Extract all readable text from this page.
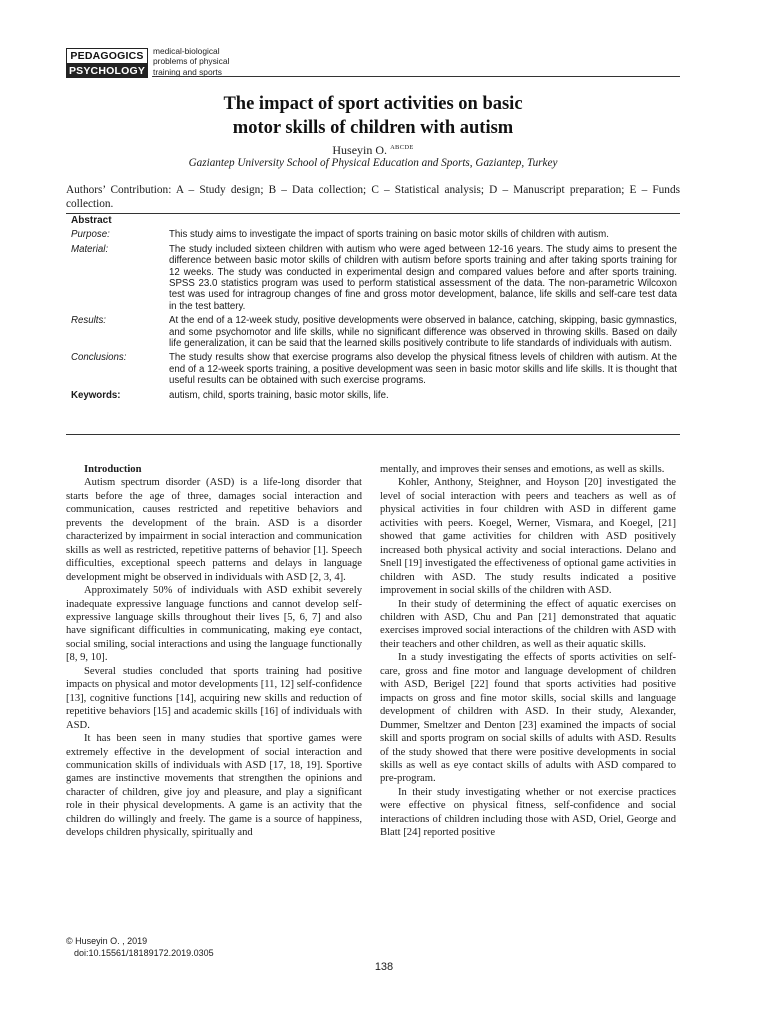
PEDAGOGICS
PSYCHOLOGY
medical-biological
problems of physical
training and sports
The impact of sport activities on basic
motor skills of children with autism
Huseyin O. $^{ABCDE}$
Gaziantep University School of Physical Education and Sports, Gaziantep, Turkey
Authors’ Contribution: A – Study design; B – Data collection; C – Statistical analysis; D – Manuscript preparation; E – Funds collection.
Abstract
Purpose:	This study aims to investigate the impact of sports training on basic motor skills of children with autism.
Material:	The study included sixteen children with autism who were aged between 12-16 years. The study aims to present the difference between basic motor skills of children with autism before sports training and after taking sports training for 12 weeks. The study was conducted in experimental design and compared values before and after sports training. SPSS 23.0 statistics program was used to perform statistical assessment of the data. The non-parametric Wilcoxon test was used for intragroup changes of fine and gross motor development, balance, life skills and self-care test data in the test battery.
Results:	At the end of a 12-week study, positive developments were observed in balance, catching, skipping, basic gymnastics, and some psychomotor and life skills, while no significant difference was observed in throwing skills. Based on daily life generalization, it can be said that the learned skills positively contribute to life standards of individuals with autism.
Conclusions:	The study results show that exercise programs also develop the physical fitness levels of children with autism. At the end of a 12-week sports training, a positive development was seen in basic motor skills and life skills. It is thought that useful results can be obtained with such exercise programs.
Keywords:	autism, child, sports training, basic motor skills, life.

Introduction

Autism spectrum disorder (ASD) is a life-long disorder that starts before the age of three, damages social interaction and communication, causes restricted and repetitive behaviors and prevents the development of the brain. ASD is a disorder characterized by impairment in social interaction and communication skills as well as restricted, repetitive patterns of behavior [1]. Speech difficulties, exceptional speech patterns and delays in language development might be observed in individuals with ASD [2, 3, 4].

Approximately 50% of individuals with ASD exhibit severely inadequate expressive language functions and cannot develop self-expressive language skills throughout their lives [5, 6, 7] and also have significant difficulties in communicating, making eye contact, social smiling, social interactions and using the language functionally [8, 9, 10].

Several studies concluded that sports training had positive impacts on physical and motor developments [11, 12] self-confidence [13], cognitive functions [14], acquiring new skills and reduction of repetitive behaviors [15] and academic skills [16] of individuals with ASD.

It has been seen in many studies that sportive games were extremely effective in the development of social interaction and communication skills of individuals with ASD [17, 18, 19]. Sportive games are instinctive movements that strengthen the opinions and character of children, give joy and pleasure, and play a significant role in their physical developments. A game is an activity that the children do willingly and freely. The game is a source of happiness, develops children physically, spiritually and

mentally, and improves their senses and emotions, as well as skills.

Kohler, Anthony, Steighner, and Hoyson [20] investigated the level of social interaction with peers and teachers as well as of physical activities in four children with ASD in different game activities with peers. Koegel, Werner, Vismara, and Koegel, [21] showed that game activities for children with ASD positively increased both physical activity and social interactions. Delano and Snell [19] investigated the effectiveness of optional game activities in children with ASD. The study results indicated a positive improvement in social skills of the children with ASD.

In their study of determining the effect of aquatic exercises on children with ASD, Chu and Pan [21] demonstrated that aquatic exercises improved social interactions of the children with ASD with their teachers and other children, as well as their aquatic skills.

In a study investigating the effects of sports activities on self-care, gross and fine motor and language development of children with ASD, Berigel [22] found that sports activities had positive impacts on gross and fine motor skills, social skills and language development of children with ASD. In their study, Alexander, Dummer, Smeltzer and Denton [23] examined the impacts of social skill and sports program on social skills of adults with ASD. Results of the study showed that there were positive developments in social skills as well as eye contact skills of adults with ASD compared to pre-program.

In their study investigating whether or not exercise practices were effective on physical fitness, self-confidence and social interactions of children including those with ASD, Oriel, George and Blatt [24] reported positive

© Huseyin O. , 2019
doi:10.15561/18189172.2019.0305
138
